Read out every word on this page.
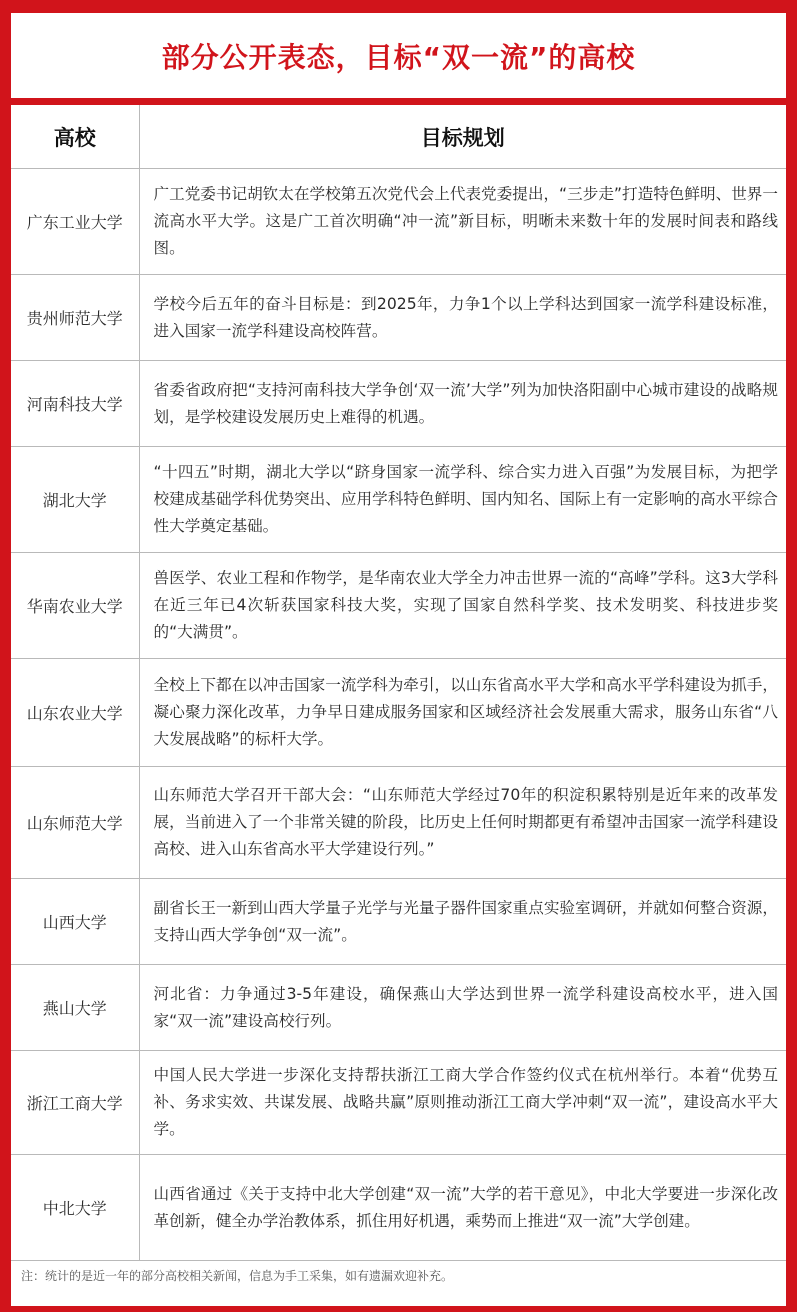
部分公开表态，目标“双一流”的高校
高校	目标规划
广东工业大学	广工党委书记胡钦太在学校第五次党代会上代表党委提出，“三步走”打造特色鲜明、世界一流高水平大学。这是广工首次明确“冲一流”新目标，明晰未来数十年的发展时间表和路线图。
贵州师范大学	学校今后五年的奋斗目标是：到2025年，力争1个以上学科达到国家一流学科建设标准，进入国家一流学科建设高校阵营。
河南科技大学	省委省政府把“支持河南科技大学争创‘双一流’大学”列为加快洛阳副中心城市建设的战略规划，是学校建设发展历史上难得的机遇。
湖北大学	“十四五”时期，湖北大学以“跻身国家一流学科、综合实力进入百强”为发展目标，为把学校建成基础学科优势突出、应用学科特色鲜明、国内知名、国际上有一定影响的高水平综合性大学奠定基础。
华南农业大学	兽医学、农业工程和作物学，是华南农业大学全力冲击世界一流的“高峰”学科。这3大学科在近三年已4次斩获国家科技大奖，实现了国家自然科学奖、技术发明奖、科技进步奖的“大满贯”。
山东农业大学	全校上下都在以冲击国家一流学科为牵引，以山东省高水平大学和高水平学科建设为抓手，凝心聚力深化改革，力争早日建成服务国家和区域经济社会发展重大需求，服务山东省“八大发展战略”的标杆大学。
山东师范大学	山东师范大学召开干部大会：“山东师范大学经过70年的积淀积累特别是近年来的改革发展，当前进入了一个非常关键的阶段，比历史上任何时期都更有希望冲击国家一流学科建设高校、进入山东省高水平大学建设行列。”
山西大学	副省长王一新到山西大学量子光学与光量子器件国家重点实验室调研，并就如何整合资源，支持山西大学争创“双一流”。
燕山大学	河北省：力争通过3-5年建设，确保燕山大学达到世界一流学科建设高校水平，进入国家“双一流”建设高校行列。
浙江工商大学	中国人民大学进一步深化支持帮扶浙江工商大学合作签约仪式在杭州举行。本着“优势互补、务求实效、共谋发展、战略共赢”原则推动浙江工商大学冲刺“双一流”，建设高水平大学。
中北大学	山西省通过《关于支持中北大学创建“双一流”大学的若干意见》，中北大学要进一步深化改革创新，健全办学治教体系，抓住用好机遇，乘势而上推进“双一流”大学创建。
注：统计的是近一年的部分高校相关新闻，信息为手工采集，如有遗漏欢迎补充。
